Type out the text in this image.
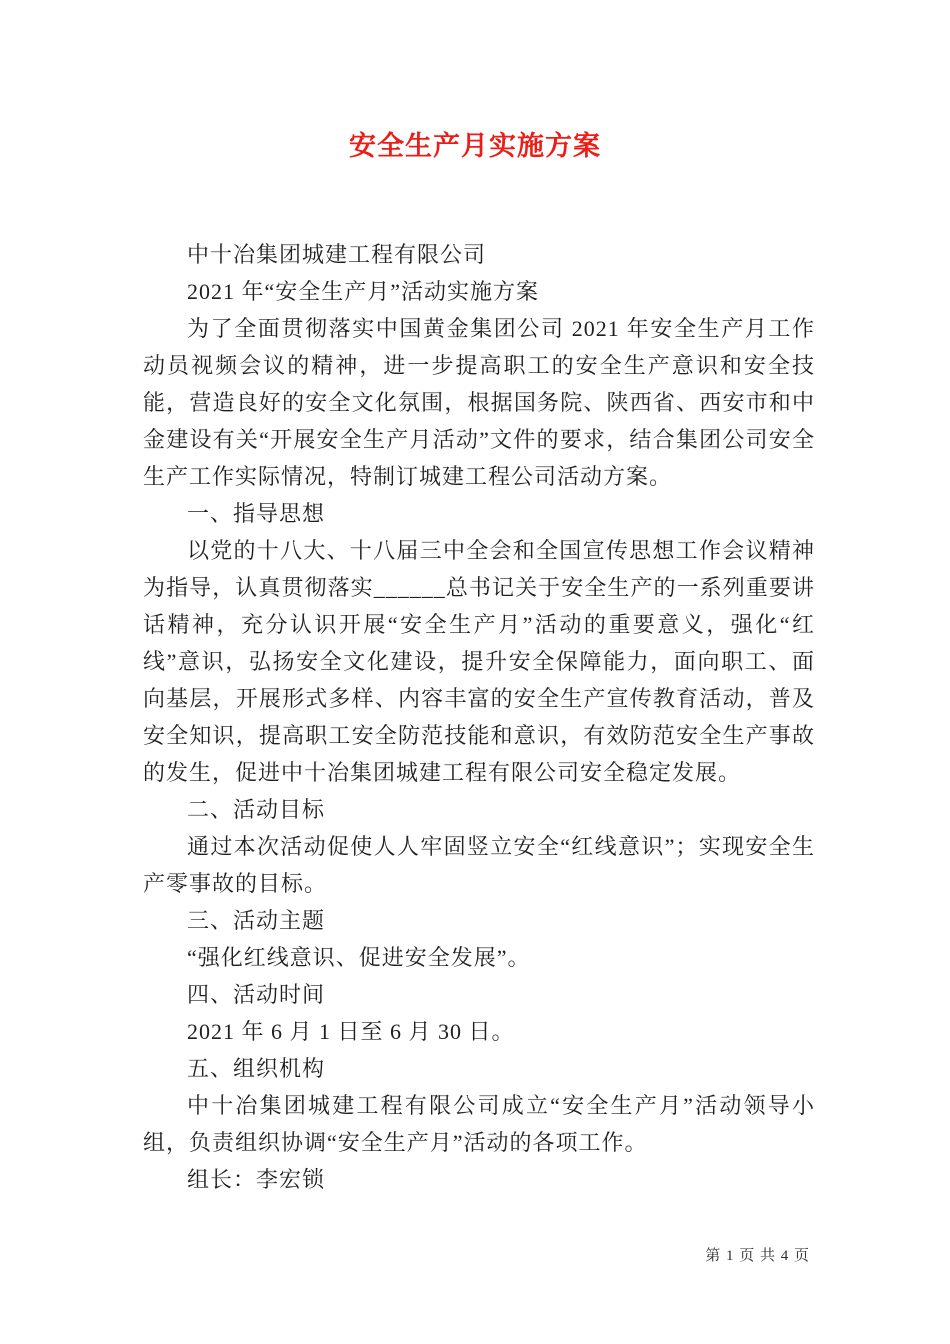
安全生产月实施方案

中十冶集团城建工程有限公司

2021 年“安全生产月”活动实施方案

为了全面贯彻落实中国黄金集团公司 2021 年安全生产月工作动员视频会议的精神，进一步提高职工的安全生产意识和安全技能，营造良好的安全文化氛围，根据国务院、陕西省、西安市和中金建设有关“开展安全生产月活动”文件的要求，结合集团公司安全生产工作实际情况，特制订城建工程公司活动方案。

一、指导思想

以党的十八大、十八届三中全会和全国宣传思想工作会议精神为指导，认真贯彻落实______总书记关于安全生产的一系列重要讲话精神，充分认识开展“安全生产月”活动的重要意义，强化“红线”意识，弘扬安全文化建设，提升安全保障能力，面向职工、面向基层，开展形式多样、内容丰富的安全生产宣传教育活动，普及安全知识，提高职工安全防范技能和意识，有效防范安全生产事故的发生，促进中十冶集团城建工程有限公司安全稳定发展。

二、活动目标

通过本次活动促使人人牢固竖立安全“红线意识”；实现安全生产零事故的目标。

三、活动主题

“强化红线意识、促进安全发展”。

四、活动时间

2021 年 6 月 1 日至 6 月 30 日。

五、组织机构

中十冶集团城建工程有限公司成立“安全生产月”活动领导小组，负责组织协调“安全生产月”活动的各项工作。

组长：李宏锁

第 1 页 共 4 页
